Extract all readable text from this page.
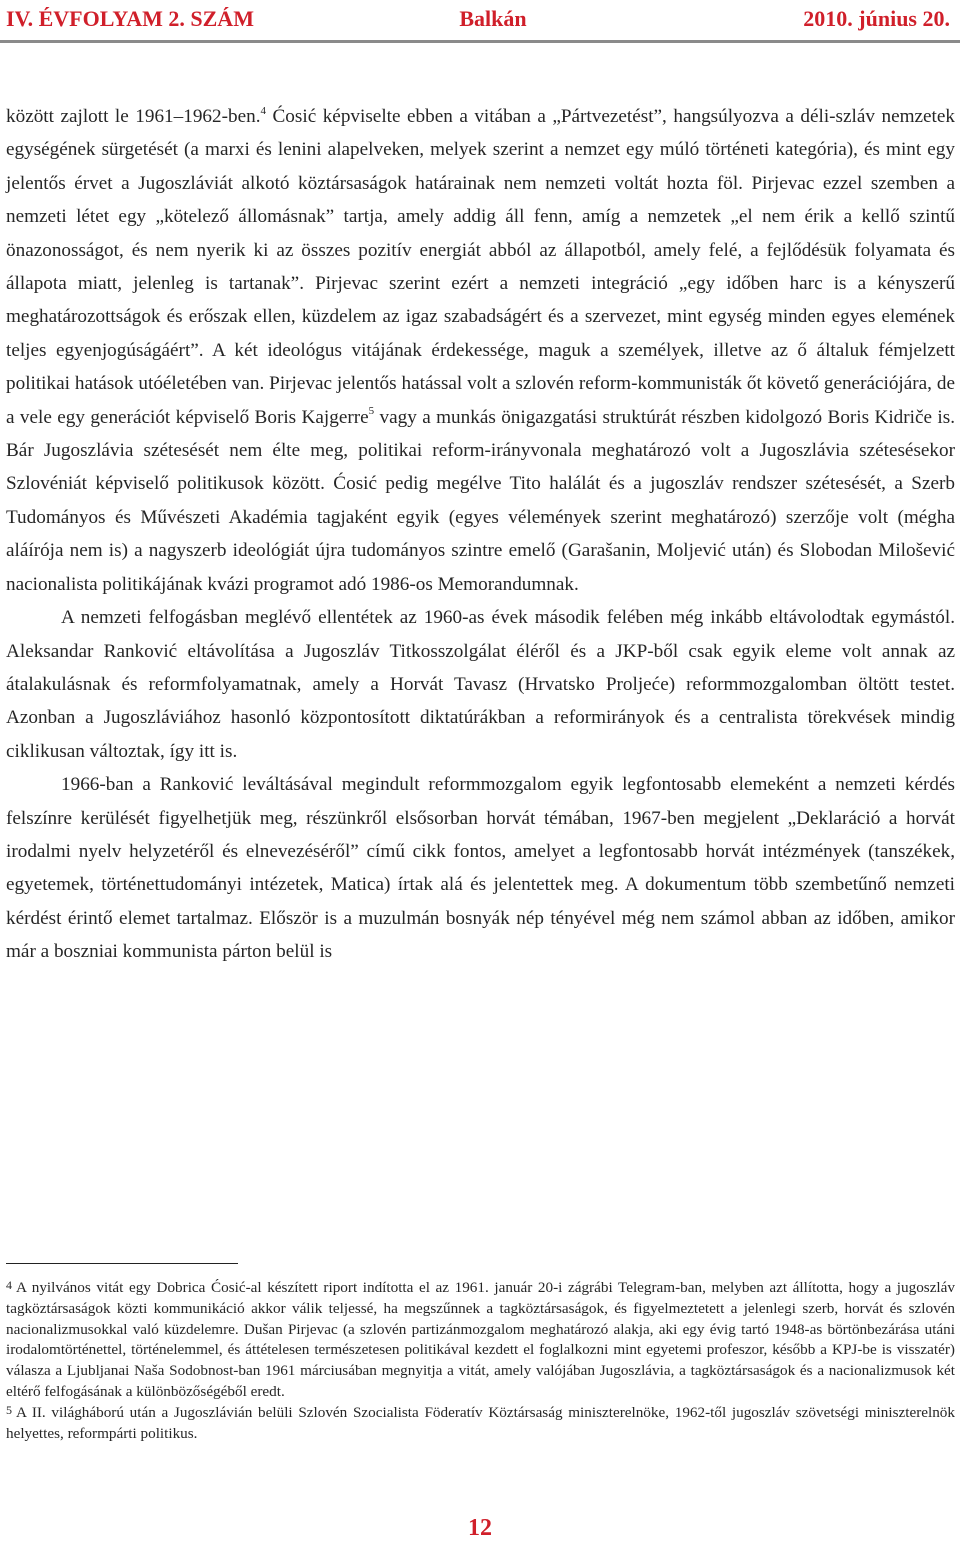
IV. ÉVFOLYAM 2. SZÁM	Balkán	2010. június 20.

között zajlott le 1961–1962-ben.$^4$ Ćosić képviselte ebben a vitában a „Pártvezetést”, hangsúlyozva a déli-szláv nemzetek egységének sürgetését (a marxi és lenini alapelveken, melyek szerint a nemzet egy múló történeti kategória), és mint egy jelentős érvet a Jugoszláviát alkotó köztársaságok határainak nem nemzeti voltát hozta föl. Pirjevac ezzel szemben a nemzeti létet egy „kötelező állomásnak” tartja, amely addig áll fenn, amíg a nemzetek „el nem érik a kellő szintű önazonosságot, és nem nyerik ki az összes pozitív energiát abból az állapotból, amely felé, a fejlődésük folyamata és állapota miatt, jelenleg is tartanak”. Pirjevac szerint ezért a nemzeti integráció „egy időben harc is a kényszerű meghatározottságok és erőszak ellen, küzdelem az igaz szabadságért és a szervezet, mint egység minden egyes elemének teljes egyenjogúságáért”. A két ideológus vitájának érdekessége, maguk a személyek, illetve az ő általuk fémjelzett politikai hatások utóéletében van. Pirjevac jelentős hatással volt a szlovén reform-kommunisták őt követő generációjára, de a vele egy generációt képviselő Boris Kajgerre$^5$ vagy a munkás önigazgatási struktúrát részben kidolgozó Boris Kidriče is. Bár Jugoszlávia szétesését nem élte meg, politikai reform-irányvonala meghatározó volt a Jugoszlávia szétesésekor Szlovéniát képviselő politikusok között. Ćosić pedig megélve Tito halálát és a jugoszláv rendszer szétesését, a Szerb Tudományos és Művészeti Akadémia tagjaként egyik (egyes vélemények szerint meghatározó) szerzője volt (mégha aláírója nem is) a nagyszerb ideológiát újra tudományos szintre emelő (Garašanin, Moljević után) és Slobodan Milošević nacionalista politikájának kvázi programot adó 1986-os Memorandumnak.

A nemzeti felfogásban meglévő ellentétek az 1960-as évek második felében még inkább eltávolodtak egymástól. Aleksandar Ranković eltávolítása a Jugoszláv Titkosszolgálat éléről és a JKP-ből csak egyik eleme volt annak az átalakulásnak és reformfolyamatnak, amely a Horvát Tavasz (Hrvatsko Proljeće) reformmozgalomban öltött testet. Azonban a Jugoszláviához hasonló központosított diktatúrákban a reformirányok és a centralista törekvések mindig ciklikusan változtak, így itt is.

1966-ban a Ranković leváltásával megindult reformmozgalom egyik legfontosabb elemeként a nemzeti kérdés felszínre kerülését figyelhetjük meg, részünkről elsősorban horvát témában, 1967-ben megjelent „Deklaráció a horvát irodalmi nyelv helyzetéről és elnevezéséről” című cikk fontos, amelyet a legfontosabb horvát intézmények (tanszékek, egyetemek, történettudományi intézetek, Matica) írtak alá és jelentettek meg. A dokumentum több szembetűnő nemzeti kérdést érintő elemet tartalmaz. Először is a muzulmán bosnyák nép tényével még nem számol abban az időben, amikor már a boszniai kommunista párton belül is

4 A nyilvános vitát egy Dobrica Ćosić-al készített riport indította el az 1961. január 20-i zágrábi Telegram-ban, melyben azt állította, hogy a jugoszláv tagköztársaságok közti kommunikáció akkor válik teljessé, ha megszűnnek a tagköztársaságok, és figyelmeztetett a jelenlegi szerb, horvát és szlovén nacionalizmusokkal való küzdelemre. Dušan Pirjevac (a szlovén partizánmozgalom meghatározó alakja, aki egy évig tartó 1948-as börtönbezárása utáni irodalomtörténettel, történelemmel, és áttételesen természetesen politikával kezdett el foglalkozni mint egyetemi profeszor, később a KPJ-be is visszatér) válasza a Ljubljanai Naša Sodobnost-ban 1961 márciusában megnyitja a vitát, amely valójában Jugoszlávia, a tagköztársaságok és a nacionalizmusok két eltérő felfogásának a különbözőségéből eredt.

5 A II. világháború után a Jugoszlávián belüli Szlovén Szocialista Föderatív Köztársaság miniszterelnöke, 1962-től jugoszláv szövetségi miniszterelnök helyettes, reformpárti politikus.

12
